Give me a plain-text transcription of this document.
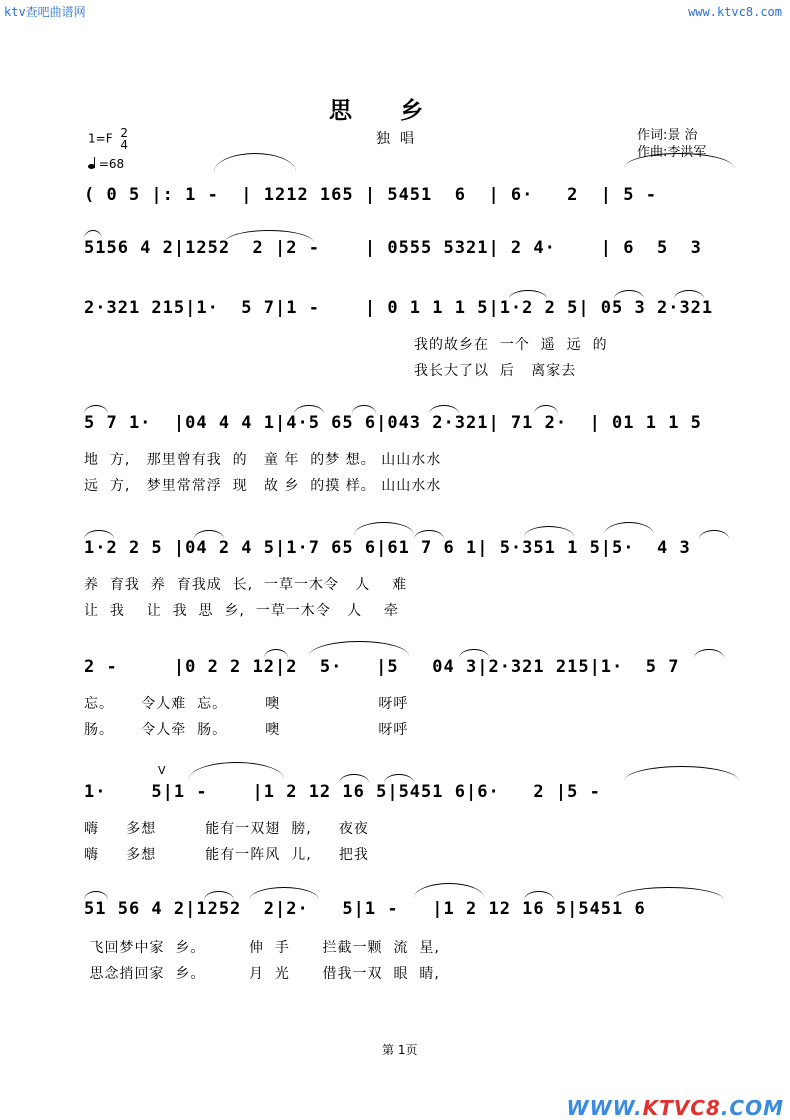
ktv查吧曲谱网	www.ktvc8.com
思乡
独唱
1=F 2
4
=68
作词:景 治
作曲:李洪军
( 0 5 |: 1 -  | 1212 165 | 5451  6  | 6·   2  | 5 -
5156 4 2|1252  2 |2 -    | 0555 5321| 2 4·    | 6  5  3
2·321 215|1·  5 7|1 -    | 0 1 1 1 5|1·2 2 5| 05 3 2·321
我的故乡在  一个  遥  远  的
我长大了以  后   离家去
5 7 1·  |04 4 4 1|4·5 65 6|043 2·321| 71 2·  | 01 1 1 5
地  方,   那里曾有我  的   童 年  的梦 想。 山山水水
远  方,   梦里常常浮  现   故 乡  的摸 样。 山山水水
1·2 2 5 |04 2 4 5|1·7 65 6|61 7 6 1| 5·351 1 5|5·  4 3
养  育我  养  育我成  长,  一草一木令   人    难
让  我    让  我  思  乡,  一草一木令   人    牵
2 -     |0 2 2 12|2  5·   |5   04 3|2·321 215|1·  5 7
忘。     令人难  忘。       噢                  呀呼
肠。     令人牵  肠。       噢                  呀呼
V
1·    5|1 -    |1 2 12 16 5|5451 6|6·   2 |5 -
嗨     多想         能有一双翅  膀,     夜夜
嗨     多想         能有一阵风  儿,     把我
51 56 4 2|1252  2|2·   5|1 -   |1 2 12 16 5|5451 6
飞回梦中家  乡。        伸  手      拦截一颗  流  星,
思念捎回家  乡。        月  光      借我一双  眼  睛,
第 1页
WWW.KTVC8.COM
